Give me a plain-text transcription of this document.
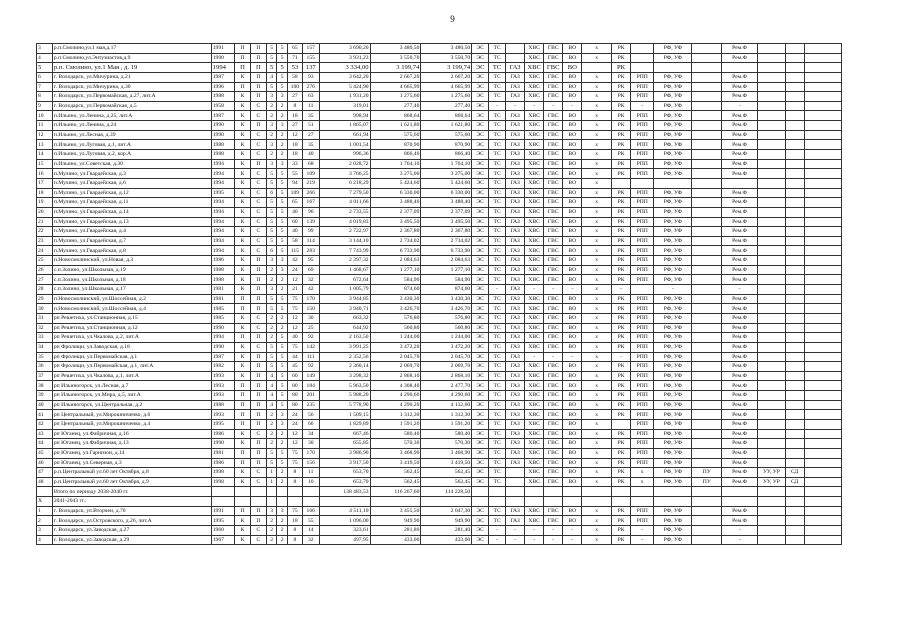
9
3	р.п.Смолино,ул.1 мая,д.17	1991	П	П	5	5	65	157	3 690,20	3 480,50	3 480,50	ЭС	ТС		ХВС	ГВС	ВО	х	РК		РФ, УФ		Рем.Ф			
4	р.п.Смолино,ул.Энтузиастов,д.9	1990	П	П	5	5	71	155	3 931,23	3 550,70	3 550,70	ЭС	ТС		ХВС	ГВС	ВО	х	РК		РФ, УФ		Рем.Ф			
5	р.п. Смолино, ул.1 Мая , д. 19	1994	П	П	5	5	53	137	3 334,00	3 199,74	3 199,74	ЭС	ТС	ГАЗ	ХВС	ГВС	ВО		РК							
6	г. Володарск, ул.Мичурина, д.21	1987	К	П	4	5	58	93	3 642,20	2 667,20	2 667,20	ЭС	ТС	ГАЗ	ХВС	ГВС	ВО	х	РК	РПП	РФ, УФ		Рем.Ф			
7	г. Володарск, ул.Мичурина, д.30	1996	П	П	5	5	100	276	5 424,90	4 665,99	4 665,99	ЭС	ТС	ГАЗ	ХВС	ГВС	ВО	х	РК	РПП	РФ, УФ		Рем.Ф			
8	г. Володарск, ул.Первомайская, д.27, лит.А	1988	К	П	3	3	27	63	1 931,20	1 275,60	1 275,60	ЭС	ТС	ГАЗ	ХВС	ГВС	ВО	х	РК	РПП	РФ, УФ		Рем.Ф			
9	г. Володарск, ул.Первомайская, д.5	1958	К	С	2	2	8	11	319,01	277,40	277,40	ЭС	-	-	-	-	-	х	РК	-	РФ, УФ		-			
10	п.Ильино, ул.Ленина, д.25, лит.А	1987	К	С	2	2	18	35	998,94	868,64	868,64	ЭС	ТС	ГАЗ	ХВС	ГВС	ВО	х	РК	РПП	РФ, УФ		Рем.Ф			
11	п.Ильино, ул.Ленина, д.24	1990	К	П	3	3	27	51	1 865,07	1 621,80	1 621,80	ЭС	ТС	ГАЗ	ХВС	ГВС	ВО	х	РК	РПП	РФ, УФ		Рем.Ф			
12	п.Ильино, ул.Лесная, д.39	1990	К	С	2	2	12	27	661,94	575,60	575,60	ЭС	ТС	ГАЗ	ХВС	ГВС	ВО	х	РК	РПП	РФ, УФ		Рем.Ф			
13	п.Ильино, ул.Луговая, д.1, лит.А	1988	К	С	3	2	18	35	1 001,54	870,90	870,90	ЭС	ТС	ГАЗ	ХВС	ГВС	ВО	х	РК	РПП	РФ, УФ		Рем.Ф			
14	п.Ильино, ул.Луговая, д.2, кор.А	1988	К	С	2	2	18	40	996,36	866,40	866,40	ЭС	ТС	ГАЗ	ХВС	ГВС	ВО	х	РК	РПП	РФ, УФ		Рем.Ф			
15	п.Ильино, ул.Советская, д.30	1994	К	П	3	3	33	68	2 028,72	1 764,10	1 764,10	ЭС	ТС	ГАЗ	ХВС	ГВС	ВО	х	РК	РПП	РФ, УФ		Рем.Ф			
16	п.Мулино, ул.Гвардейская, д.3	1994	К	С	5	5	55	109	3 766,25	3 275,00	3 275,00	ЭС	ТС	ГАЗ	ХВС	ГВС	ВО	х	РК	РПП	РФ, УФ		Рем.Ф			
17	п.Мулино, ул.Гвардейская, д.6	1994	К	С	5	5	94	219	6 218,29	5 424,60	5 424,60	ЭС	ТС	ГАЗ	ХВС	ГВС	ВО	х								
18	п.Мулино, ул.Гвардейская, д.12	1995	К	С	6	5	109	266	7 279,50	6 330,00	6 330,00	ЭС	ТС	ГАЗ	ХВС	ГВС	ВО	х	РК	РПП	РФ, УФ		Рем.Ф			
19	п.Мулино, ул.Гвардейская, д.11	1994	К	С	5	5	65	167	4 011,66	3 488,40	3 488,40	ЭС	ТС	ГАЗ	ХВС	ГВС	ВО	х	РК	РПП	РФ, УФ		Рем.Ф			
20	п.Мулино, ул.Гвардейская, д.14	1994	К	С	5	5	40	96	2 733,55	2 377,09	2 377,09	ЭС	ТС	ГАЗ	ХВС	ГВС	ВО	х	РК	РПП	РФ, УФ		Рем.Ф			
21	п.Мулино, ул.Гвардейская, д.13	1994	К	С	5	5	60	139	4 019,83	3 495,50	3 495,50	ЭС	ТС	ГАЗ	ХВС	ГВС	ВО	х	РК	РПП	РФ, УФ		Рем.Ф			
22	п.Мулино, ул.Гвардейская, д.4	1994	К	С	5	5	40	99	2 722,97	2 367,80	2 367,80	ЭС	ТС	ГАЗ	ХВС	ГВС	ВО	х	РК	РПП	РФ, УФ		Рем.Ф			
23	п.Мулино, ул.Гвардейская, д.7	1994	К	С	5	5	58	114	3 144,10	2 734,02	2 734,02	ЭС	ТС	ГАЗ	ХВС	ГВС	ВО	х	РК	РПП	РФ, УФ		Рем.Ф			
24	п.Мулино, ул.Гвардейская, д.8	1994	К	С	6	5	115	283	7 743,99	6 733,90	6 733,90	ЭС	ТС	ГАЗ	ХВС	ГВС	ВО	х	РК	РПП	РФ, УФ		Рем.Ф			
25	п.Новосмолинский, ул.Новая, д.3	1986	К	П	3	3	42	95	2 397,32	2 084,63	2 084,63	ЭС	ТС	ГАЗ	ХВС	ГВС	ВО	х	РК	РПП	РФ, УФ		Рем.Ф			
26	с.п.Золино, ул.Школьная, д.19	1988	К	П	2	3	24	69	1 468,67	1 277,10	1 277,10	ЭС	ТС	ГАЗ	ХВС	ГВС	ВО	х	РК	РПП	РФ, УФ		Рем.Ф			
27	с.п.Золино, ул.Школьная, д.18	1988	К	П	2	2	12	32	672,64	584,90	584,90	ЭС	ТС	ГАЗ	ХВС	ГВС	ВО	х	РК	РПП	РФ, УФ		Рем.Ф			
28	с.п.Золино, ул.Школьная, д.17	1981	К	П	3	2	21	42	1 005,79	874,60	874,60	ЭС	-	ГАЗ	-	-	-	х	-		-		-			
29	п.Новосмолинский, ул.Шоссейная, д.2	1981	П	П	5	5	75	170	3 944,85	3 430,30	3 430,30	ЭС	ТС	ГАЗ	ХВС	ГВС	ВО	х	РК	РПП	РФ, УФ		Рем.Ф			
30	п.Новосмолинский, ул.Шоссейная, д.4	1985	П	П	5	5	75	150	3 940,71	3 426,70	3 426,70	ЭС	ТС	ГАЗ	ХВС	ГВС	ВО	х	РК	РПП	РФ, УФ		Рем.Ф			
31	рп Решетиха, ул.Станционная, д.15	1985	К	С	2	2	12	30	663,32	576,80	576,80	ЭС	ТС	ГАЗ	ХВС	ГВС	ВО	х	РК	РПП	РФ, УФ		Рем.Ф			
32	рп Решетиха, ул.Станционная, д.12	1990	К	С	2	2	12	25	644,92	560,80	560,80	ЭС	ТС	ГАЗ	ХВС	ГВС	ВО	х	РК	РПП	РФ, УФ		Рем.Ф			
33	рп Решетиха, ул.Чкалова, д.2, лит.А	1994	П	П	2	5	40	92	2 163,50	1 244,00	1 244,00	ЭС	ТС	ГАЗ	ХВС	ГВС	ВО	х	РК	РПП	РФ, УФ		Рем.Ф			
34	рп Фролищи, ул.Заводская, д.18	1990	К	С	5	5	75	142	3 991,25	3 472,20	3 472,20	ЭС	ТС	ГАЗ	ХВС	ГВС	ВО	х	РК	РПП	РФ, УФ		Рем.Ф			
35	рп Фролищи, ул.Первомайская, д.1	1987	К	П	5	5	44	111	2 352,56	2 045,70	2 045,70	ЭС	ТС	ГАЗ	-	-	-	х	-	РПП	РФ, УФ		Рем.Ф			
36	рп Фролищи, ул.Первомайская, д.1, лит.А	1982	К	П	5	5	45	92	2 360,14	2 069,70	2 069,70	ЭС	ТС	ГАЗ	ХВС	ГВС	ВО	х	РК	РПП	РФ, УФ		Рем.Ф			
37	рп Решетиха, ул.Чкалова, д.1, лит.А	1993	К	П	4	5	60	149	3 298,32	2 868,10	2 868,10	ЭС	ТС	ГАЗ	ХВС	ГВС	ВО	х	РК	РПП	РФ, УФ		Рем.Ф			
38	рп Ильиногорск, ул.Лесная, д.7	1993	П	П	4	5	80	184	5 963,50	4 308,40	2 477,70	ЭС	ТС	ГАЗ	ХВС	ГВС	ВО	х	РК	РПП	РФ, УФ		Рем.Ф			
39	рп Ильиногорск, ул.Мира, д.5, лит.А	1993	П	П	4	5	80	201	5 988,20	4 290,60	4 290,60	ЭС	ТС	ГАЗ	ХВС	ГВС	ВО	х	РК	РПП	РФ, УФ		Рем.Ф			
40	рп Ильиногорск, ул.Центральная, д.2	1988	П	П	4	5	80	235	5 778,90	4 290,20	4 132,60	ЭС	ТС	ГАЗ	ХВС	ГВС	ВО	х	РК	РПП	РФ, УФ		Рем.Ф			
41	рп Центральный, ул.Мирошниченко, д.6	1993	П	П	2	3	24	56	1 509,15	1 312,30	1 312,30	ЭС	ТС	ГАЗ	ХВС	ГВС	ВО	х	РК	РПП	РФ, УФ		Рем.Ф			
42	рп Центральный, ул.Мирошниченко, д.4	1995	П	П	2	3	24	66	1 829,89	1 591,20	1 591,20	ЭС	ТС	ГАЗ	ХВС	ГВС	ВО	х		РПП	РФ, УФ		Рем.Ф			
43	рп Юганец, ул.Фабричная, д.16	1986	К	С	2	2	12	34	667,46	580,40	580,40	ЭС	ТС	ГАЗ	ХВС	ГВС	ВО	х	РК	РПП	РФ, УФ		Рем.Ф			
44	рп Юганец, ул.Фабричная, д.13	1990	К	П	2	2	12	30	655,85	570,30	570,30	ЭС	ТС	ГАЗ	ХВС	ГВС	ВО	х	РК	РПП	РФ, УФ		Рем.Ф			
45	рп Юганец, ул.Гарнизон, д.14	1981	П	П	5	5	75	170	3 986,90	3 468,90	3 468,90	ЭС	ТС	ГАЗ	ХВС	ГВС	ВО	х	РК	РПП	РФ, УФ		Рем.Ф			
46	рп Юганец, ул.Северная, д.3	1986	П	П	5	5	75	156	3 917,50	3 419,50	3 419,50	ЭС	ТС	ГАЗ	ХВС	ГВС	ВО	х	РК	РПП	РФ, УФ		Рем.Ф			
47	р.п.Центральный ул.60 лет Октября, д.8	1998	К	С	1	2	8	11	653,70	562,45	562,45	ЭС	ТС		ХВС	ГВС	ВО	х	РК	х	РФ, УФ	ПУ	Рем.Ф	УУ, УР	СД	
48	р.п.Центральный ул.60 лет Октября, д.9	1998	К	С	1	2	8	10	653,70	562,45	562,45	ЭС	ТС		ХВС	ГВС	ВО	х	РК	х	РФ, УФ	ПУ	Рем.Ф	УУ, УР	СД	
	Итого по периоду 2038-2040 гг.								138 483,53	116 267,60	114 228,50															
X	2041-2043 гг.:																									
1	г. Володарск, ул.Вторчеи, д.70	1991	П	П	3	3	75	166	4 511,10	3 455,50	2 047,30	ЭС	ТС	ГАЗ	ХВС	ГВС	ВО	х	РК	РПП	РФ, УФ		Рем.Ф			
2	г. Володарск, ул.Островского, д.26, лит.А	1995	К	П	2	2	18	55	1 096,00	949,90	949,90	ЭС	ТС	ГАЗ	ХВС	ГВС	ВО	х	РК	РПП	РФ, УФ		Рем.Ф			
3	г. Володарск, ул.Заводская, д.27	1960	К	С	2	2	8	14	323,61	281,80	281,40	ЭС	-	-	-	-	-	х	РК	-	РФ, УФ		-			
4	г. Володарск, ул.Заводская, д.29	1967	К	С	2	2	8	32	497,95	433,00	433,00	ЭС	-	-	-	-	-	х	РК	-	РФ, УФ		-			
